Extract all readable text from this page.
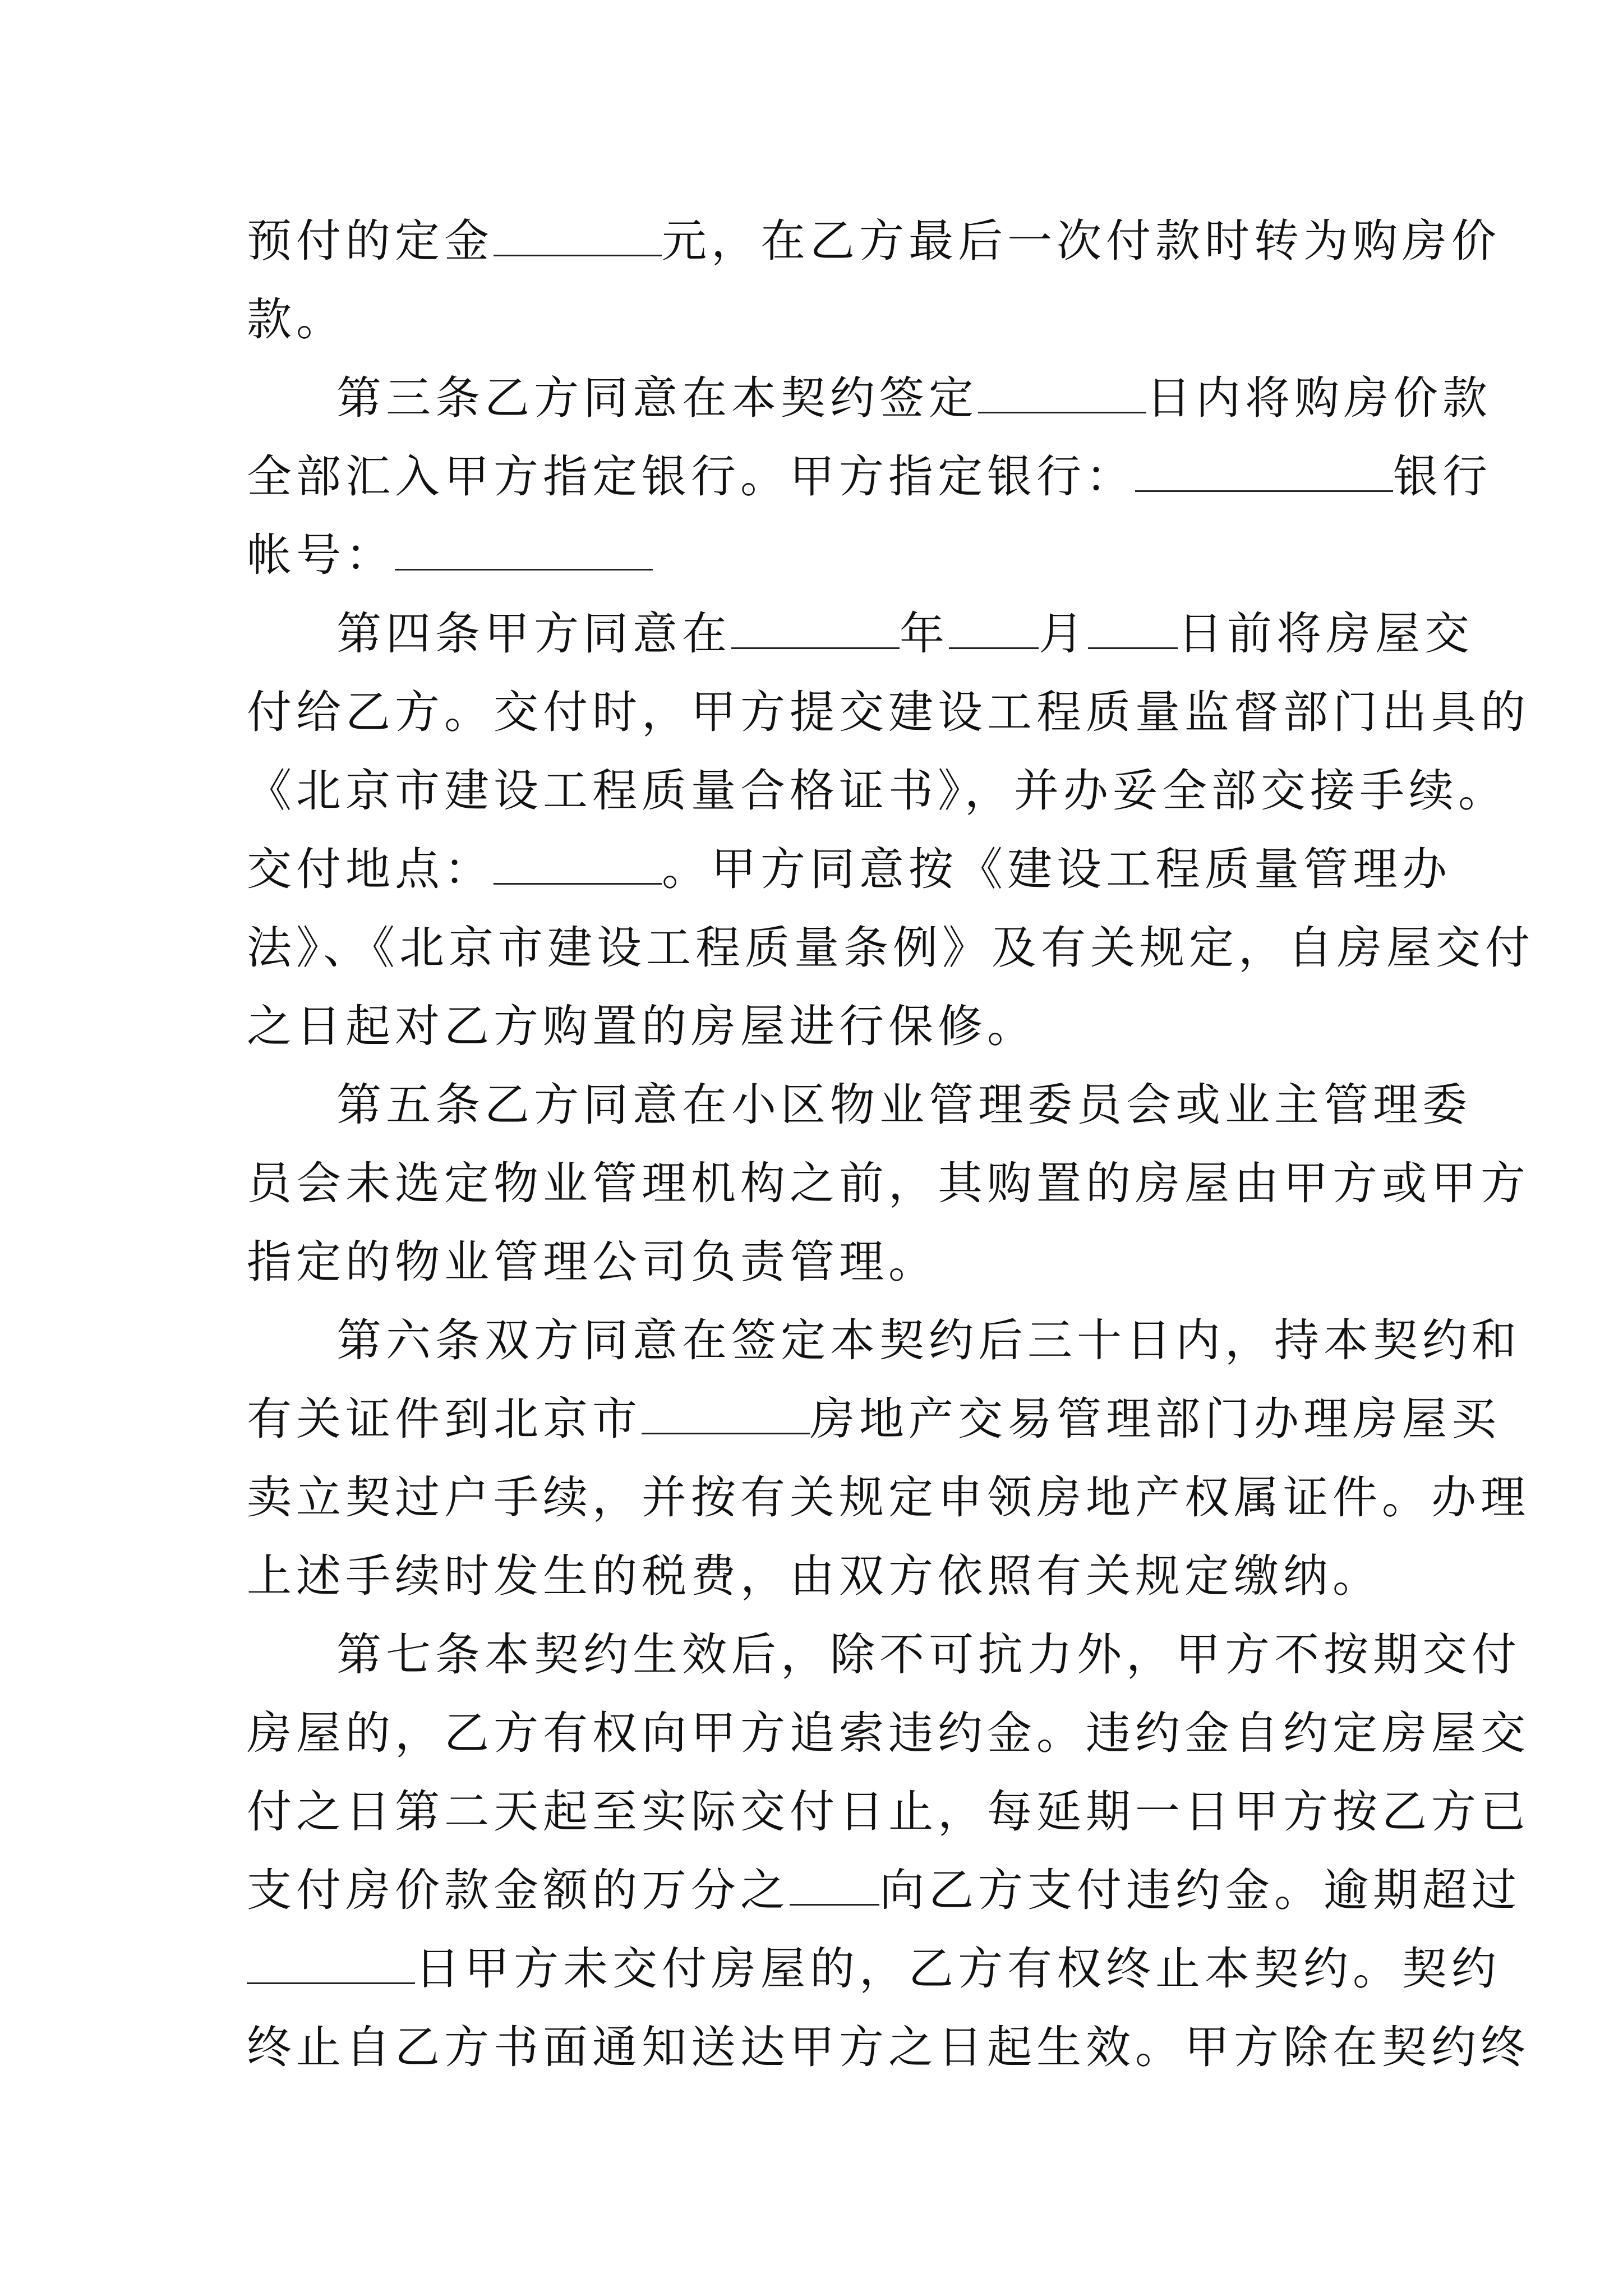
预付的定金	元，在乙方最后一次付款时转为购房价
款。
第三条乙方同意在本契约签定	日内将购房价款
全部汇入甲方指定银行。甲方指定银行：	银行
帐号：
第四条甲方同意在	年 月 日前将房屋交
付给乙方。交付时，甲方提交建设工程质量监督部门出具的
《北京市建设工程质量合格证书》，并办妥全部交接手续。
交付地点：	。甲方同意按《建设工程质量管理办
法》、《北京市建设工程质量条例》及有关规定，自房屋交付
之日起对乙方购置的房屋进行保修。
第五条乙方同意在小区物业管理委员会或业主管理委
员会未选定物业管理机构之前，其购置的房屋由甲方或甲方
指定的物业管理公司负责管理。
第六条双方同意在签定本契约后三十日内，持本契约和
有关证件到北京市	房地产交易管理部门办理房屋买
卖立契过户手续，并按有关规定申领房地产权属证件。办理
上述手续时发生的税费，由双方依照有关规定缴纳。
第七条本契约生效后，除不可抗力外，甲方不按期交付
房屋的，乙方有权向甲方追索违约金。违约金自约定房屋交
付之日第二天起至实际交付日止，每延期一日甲方按乙方已
支付房价款金额的万分之 向乙方支付违约金。逾期超过
日甲方未交付房屋的，乙方有权终止本契约。契约
终止自乙方书面通知送达甲方之日起生效。甲方除在契约终
